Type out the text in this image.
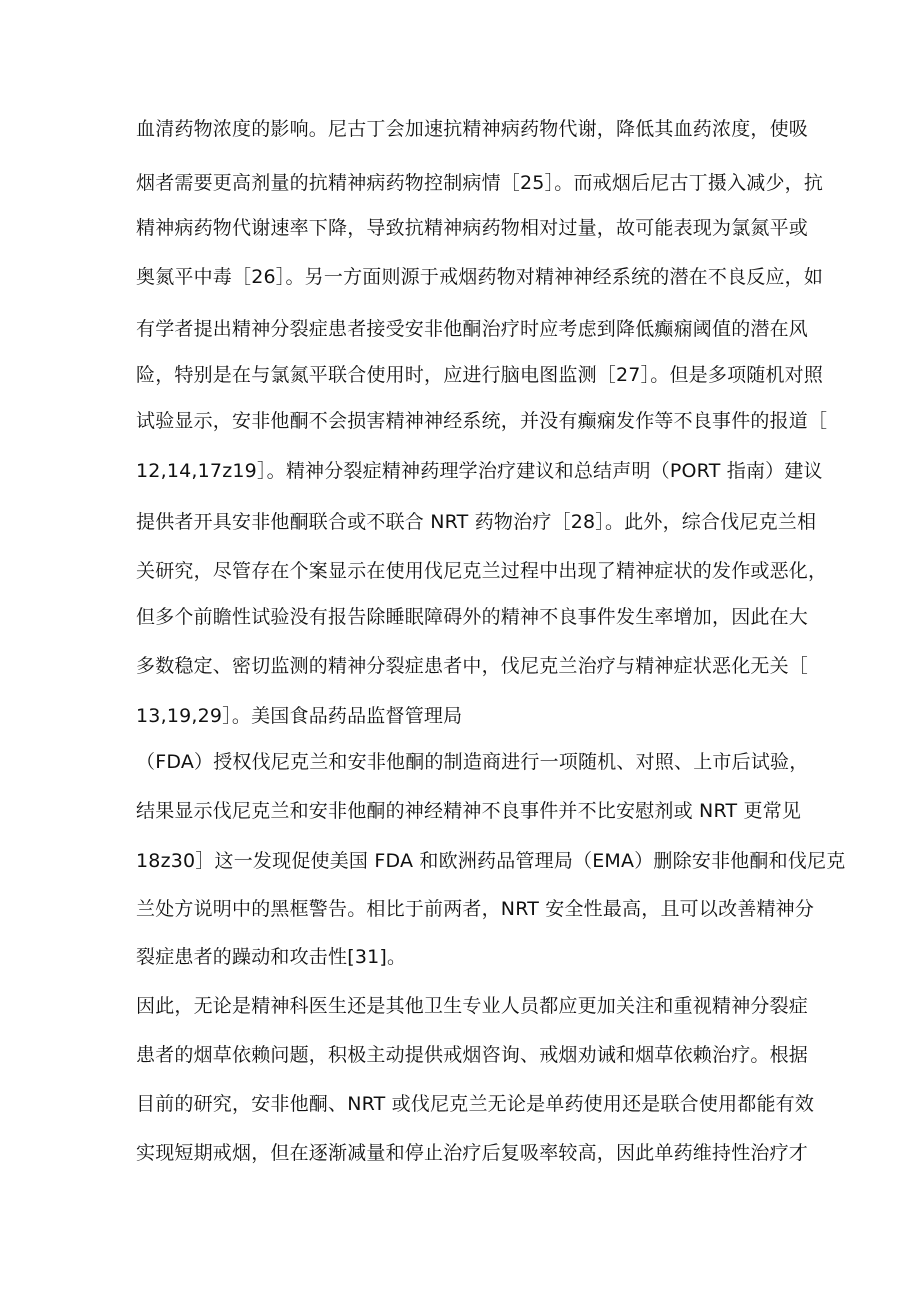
血清药物浓度的影响。尼古丁会加速抗精神病药物代谢，降低其血药浓度，使吸
烟者需要更高剂量的抗精神病药物控制病情［25］。而戒烟后尼古丁摄入减少，抗
精神病药物代谢速率下降，导致抗精神病药物相对过量，故可能表现为氯氮平或
奥氮平中毒［26］。另一方面则源于戒烟药物对精神神经系统的潜在不良反应，如
有学者提出精神分裂症患者接受安非他酮治疗时应考虑到降低癫痫阈值的潜在风
险，特别是在与氯氮平联合使用时，应进行脑电图监测［27］。但是多项随机对照
试验显示，安非他酮不会损害精神神经系统，并没有癫痫发作等不良事件的报道［
12,14,17z19］。精神分裂症精神药理学治疗建议和总结声明（PORT 指南）建议
提供者开具安非他酮联合或不联合 NRT 药物治疗［28］。此外，综合伐尼克兰相
关研究，尽管存在个案显示在使用伐尼克兰过程中出现了精神症状的发作或恶化，
但多个前瞻性试验没有报告除睡眠障碍外的精神不良事件发生率增加，因此在大
多数稳定、密切监测的精神分裂症患者中，伐尼克兰治疗与精神症状恶化无关［
13,19,29］。美国食品药品监督管理局
（FDA）授权伐尼克兰和安非他酮的制造商进行一项随机、对照、上市后试验，
结果显示伐尼克兰和安非他酮的神经精神不良事件并不比安慰剂或 NRT 更常见
18z30］这一发现促使美国 FDA 和欧洲药品管理局（EMA）删除安非他酮和伐尼克
兰处方说明中的黑框警告。相比于前两者，NRT 安全性最高，且可以改善精神分
裂症患者的躁动和攻击性[31]。
因此，无论是精神科医生还是其他卫生专业人员都应更加关注和重视精神分裂症
患者的烟草依赖问题，积极主动提供戒烟咨询、戒烟劝诫和烟草依赖治疗。根据
目前的研究，安非他酮、NRT 或伐尼克兰无论是单药使用还是联合使用都能有效
实现短期戒烟，但在逐渐减量和停止治疗后复吸率较高，因此单药维持性治疗才
